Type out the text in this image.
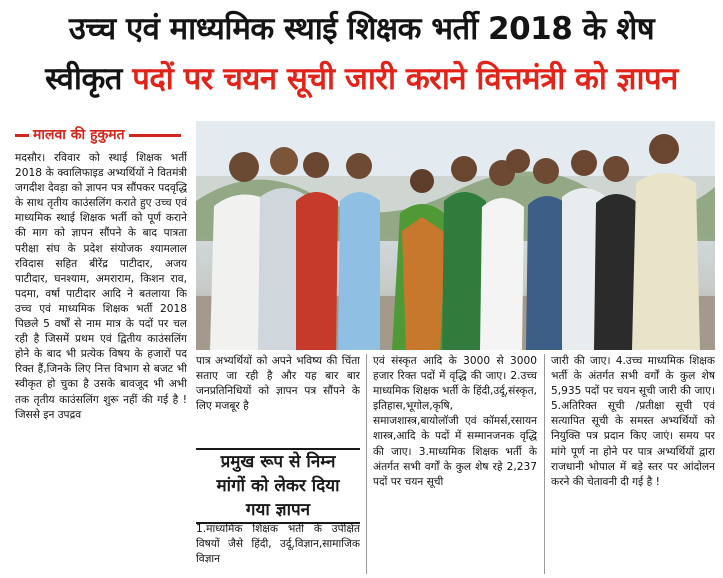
उच्च एवं माध्यमिक स्थाई शिक्षक भर्ती 2018 के शेष
स्वीकृत पदों पर चयन सूची जारी कराने वित्तमंत्री को ज्ञापन
मालवा की हुकुमत

मदसौर। रविवार को स्थाई शिक्षक भर्ती 2018 के क्वालिफाइड अभ्यर्थियों ने वितमंत्री जगदीश देवड़ा को ज्ञापन पत्र सौंपकर पदवृद्धि के साथ तृतीय काउंसलिंग कराते हुए उच्च एवं माध्यमिक स्थाई शिक्षक भर्ती को पूर्ण कराने की माग को ज्ञापन सौंपने के बाद पात्रता परीक्षा संघ के प्रदेश संयोजक श्यामलाल रविदास सहित बीरेंद्र पाटीदार, अजय पाटीदार, घनश्याम, अमराराम, किशन राव, पदमा, वर्षा पाटीदार आदि ने बतलाया कि उच्च एवं माध्यमिक शिक्षक भर्ती 2018 पिछले 5 वर्षों से नाम मात्र के पदों पर चल रही है जिसमें प्रथम एवं द्वितीय काउंसलिंग होने के बाद भी प्रत्येक विषय के हजारों पद रिक्त हैं,जिनके लिए नित्त विभाग से बजट भी स्वीकृत हो चुका है उसके बावजूद भी अभी तक तृतीय काउंसलिंग शुरू नहीं की गई है ! जिससे इन उपद्रव

पात्र अभ्यर्थियों को अपने भविष्य की चिंता सताए जा रही है और यह बार बार जनप्रतिनिधियों को ज्ञापन पत्र सौंपने के लिए मजबूर है

प्रमुख रूप से निम्न
मांगों को लेकर दिया
गया ज्ञापन

1.माध्यमिक शिक्षक भर्ती के उपेक्षित विषयों जैसे हिंदी, उर्दू,विज्ञान,सामाजिक विज्ञान

एवं संस्कृत आदि के 3000 से 3000 हजार रिक्त पदों में वृद्धि की जाए। 2.उच्च माध्यमिक शिक्षक भर्ती के हिंदी,उर्दू,संस्कृत, इतिहास,भूगोल,कृषि, समाजशास्त्र,बायोलॉजी एवं कॉमर्स,रसायन शास्त्र,आदि के पदों में सम्मानजनक वृद्धि की जाए। 3.माध्यमिक शिक्षक भर्ती के अंतर्गत सभी वर्गों के कुल शेष रहे 2,237 पदों पर चयन सूची

जारी की जाए। 4.उच्च माध्यमिक शिक्षक भर्ती के अंतर्गत सभी वर्गों के कुल शेष 5,935 पदों पर चयन सूची जारी की जाए। 5.अतिरिक्त सूची /प्रतीक्षा सूची एवं सत्यापित सूची के समस्त अभ्यर्थियों को नियुक्ति पत्र प्रदान किए जाएं। समय पर मांगे पूर्ण ना होने पर पात्र अभ्यर्थियों द्वारा राजधानी भोपाल में बड़े स्तर पर आंदोलन करने की चेतावनी दी गई है !
